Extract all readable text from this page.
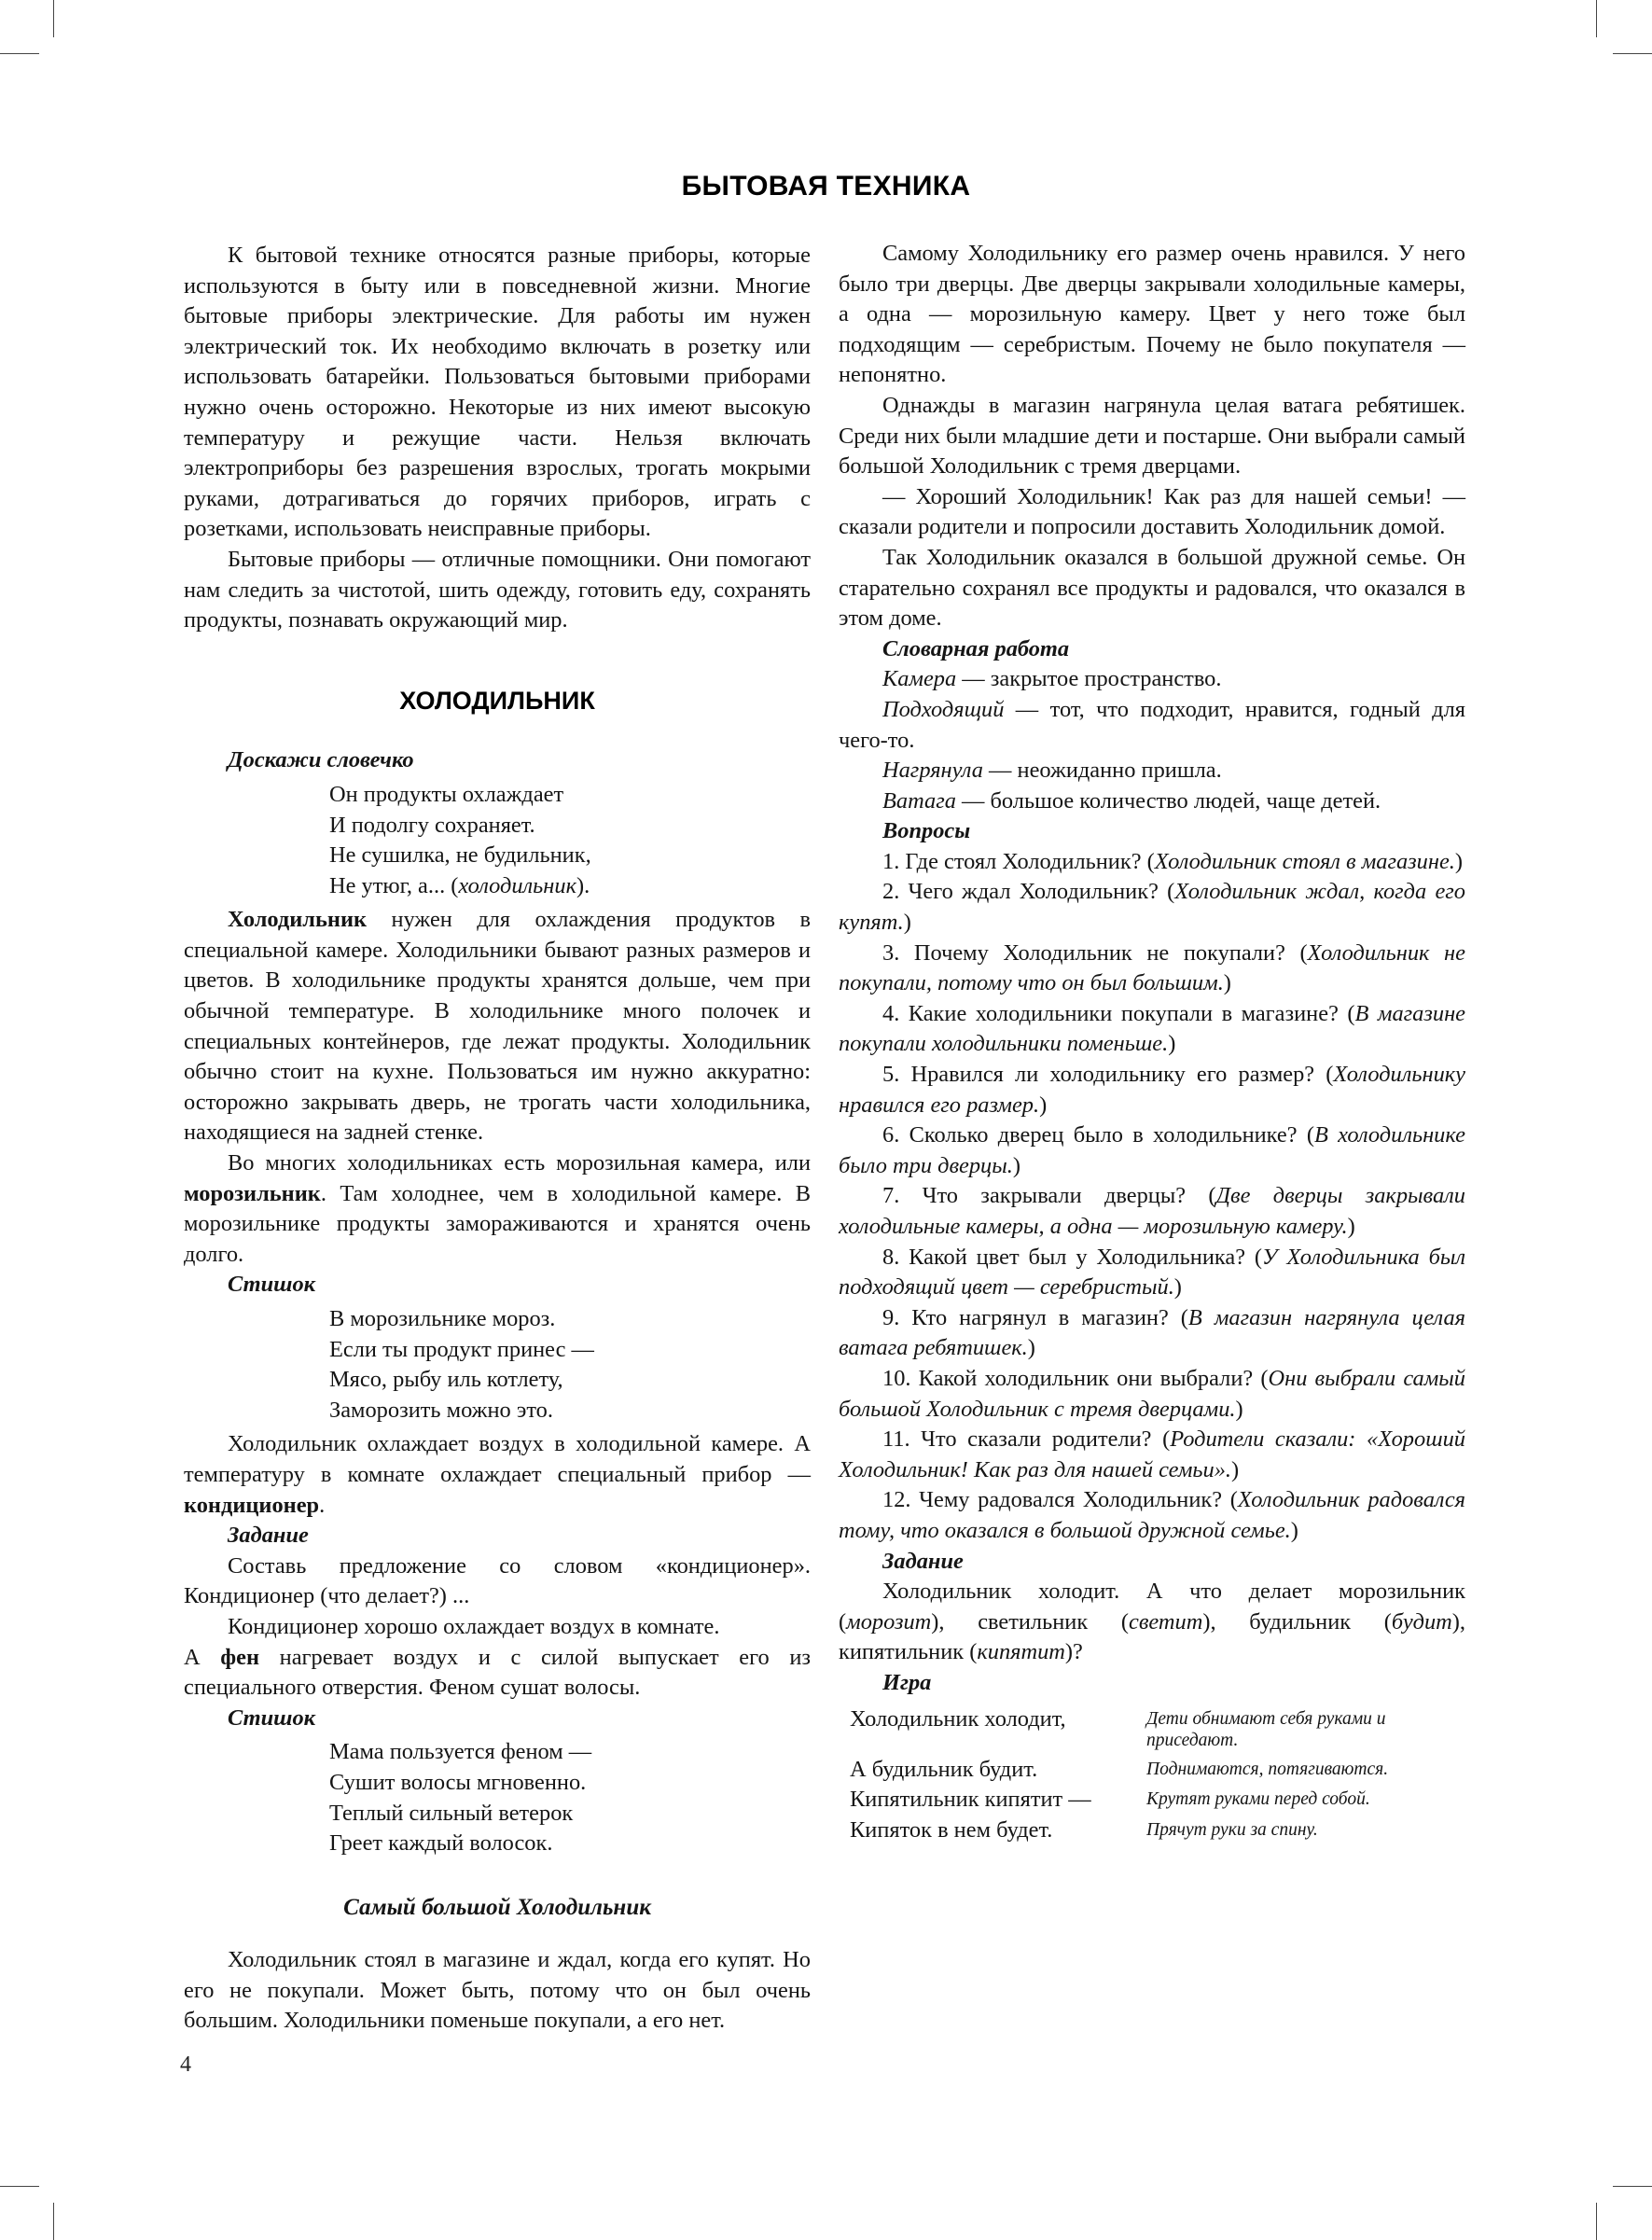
БЫТОВАЯ ТЕХНИКА

К бытовой технике относятся разные приборы, которые используются в быту или в повседневной жизни. Многие бытовые приборы электрические. Для работы им нужен электрический ток. Их необходимо включать в розетку или использовать батарейки. Пользоваться бытовыми приборами нужно очень осторожно. Некоторые из них имеют высокую температуру и режущие части. Нельзя включать электроприборы без разрешения взрослых, трогать мокрыми руками, дотрагиваться до горячих приборов, играть с розетками, использовать неисправные приборы.

Бытовые приборы — отличные помощники. Они помогают нам следить за чистотой, шить одежду, готовить еду, сохранять продукты, познавать окружающий мир.

ХОЛОДИЛЬНИК
Доскажи словечко
Он продукты охлаждает
И подолгу сохраняет.
Не сушилка, не будильник,
Не утюг, а... (холодильник).

Холодильник нужен для охлаждения продуктов в специальной камере. Холодильники бывают разных размеров и цветов. В холодильнике продукты хранятся дольше, чем при обычной температуре. В холодильнике много полочек и специальных контейнеров, где лежат продукты. Холодильник обычно стоит на кухне. Пользоваться им нужно аккуратно: осторожно закрывать дверь, не трогать части холодильника, находящиеся на задней стенке.

Во многих холодильниках есть морозильная камера, или морозильник. Там холоднее, чем в холодильной камере. В морозильнике продукты замораживаются и хранятся очень долго.

Стишок
В морозильнике мороз.
Если ты продукт принес —
Мясо, рыбу иль котлету,
Заморозить можно это.

Холодильник охлаждает воздух в холодильной камере. А температуру в комнате охлаждает специальный прибор — кондиционер.

Задание

Составь предложение со словом «кондиционер». Кондиционер (что делает?) ...

Кондиционер хорошо охлаждает воздух в комнате.

А фен нагревает воздух и с силой выпускает его из специального отверстия. Феном сушат волосы.

Стишок
Мама пользуется феном —
Сушит волосы мгновенно.
Теплый сильный ветерок
Греет каждый волосок.
Самый большой Холодильник

Холодильник стоял в магазине и ждал, когда его купят. Но его не покупали. Может быть, потому что он был очень большим. Холодильники поменьше покупали, а его нет.

Самому Холодильнику его размер очень нравился. У него было три дверцы. Две дверцы закрывали холодильные камеры, а одна — морозильную камеру. Цвет у него тоже был подходящим — серебристым. Почему не было покупателя — непонятно.

Однажды в магазин нагрянула целая ватага ребятишек. Среди них были младшие дети и постарше. Они выбрали самый большой Холодильник с тремя дверцами.

— Хороший Холодильник! Как раз для нашей семьи! — сказали родители и попросили доставить Холодильник домой.

Так Холодильник оказался в большой дружной семье. Он старательно сохранял все продукты и радовался, что оказался в этом доме.

Словарная работа

Камера — закрытое пространство.

Подходящий — тот, что подходит, нравится, годный для чего-то.

Нагрянула — неожиданно пришла.

Ватага — большое количество людей, чаще детей.

Вопросы

1. Где стоял Холодильник? (Холодильник стоял в магазине.)

2. Чего ждал Холодильник? (Холодильник ждал, когда его купят.)

3. Почему Холодильник не покупали? (Холодильник не покупали, потому что он был большим.)

4. Какие холодильники покупали в магазине? (В магазине покупали холодильники поменьше.)

5. Нравился ли холодильнику его размер? (Холодильнику нравился его размер.)

6. Сколько дверец было в холодильнике? (В холодильнике было три дверцы.)

7. Что закрывали дверцы? (Две дверцы закрывали холодильные камеры, а одна — морозильную камеру.)

8. Какой цвет был у Холодильника? (У Холодильника был подходящий цвет — серебристый.)

9. Кто нагрянул в магазин? (В магазин нагрянула целая ватага ребятишек.)

10. Какой холодильник они выбрали? (Они выбрали самый большой Холодильник с тремя дверцами.)

11. Что сказали родители? (Родители сказали: «Хороший Холодильник! Как раз для нашей семьи».)

12. Чему радовался Холодильник? (Холодильник радовался тому, что оказался в большой дружной семье.)

Задание

Холодильник холодит. А что делает морозильник (морозит), светильник (светит), будильник (будит), кипятильник (кипятит)?

Игра
Холодильник холодит,	Дети обнимают себя руками и приседают.
А будильник будит.	Поднимаются, потягиваются.
Кипятильник кипятит —	Крутят руками перед собой.
Кипяток в нем будет.	Прячут руки за спину.
4
